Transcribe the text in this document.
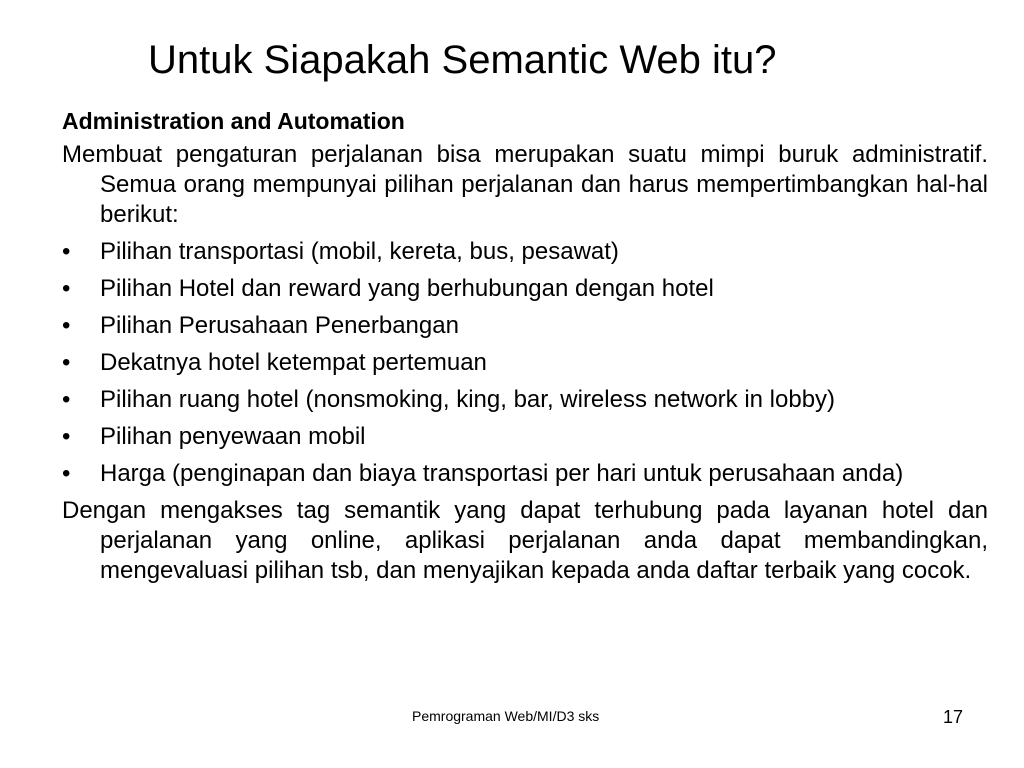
Untuk Siapakah Semantic Web itu?
Administration and Automation
Membuat pengaturan perjalanan bisa merupakan suatu mimpi buruk administratif. Semua orang mempunyai pilihan perjalanan dan harus mempertimbangkan hal-hal berikut:
• Pilihan transportasi (mobil, kereta, bus, pesawat)
• Pilihan Hotel dan reward yang berhubungan dengan hotel
• Pilihan Perusahaan Penerbangan
• Dekatnya hotel ketempat pertemuan
• Pilihan ruang hotel (nonsmoking, king, bar, wireless network in lobby)
• Pilihan penyewaan mobil
• Harga (penginapan dan biaya transportasi per hari untuk perusahaan anda)
Dengan mengakses tag semantik yang dapat terhubung pada layanan hotel dan perjalanan yang online, aplikasi perjalanan anda dapat membandingkan, mengevaluasi pilihan tsb, dan menyajikan kepada anda daftar terbaik yang cocok.
Pemrograman Web/MI/D3 sks	17
